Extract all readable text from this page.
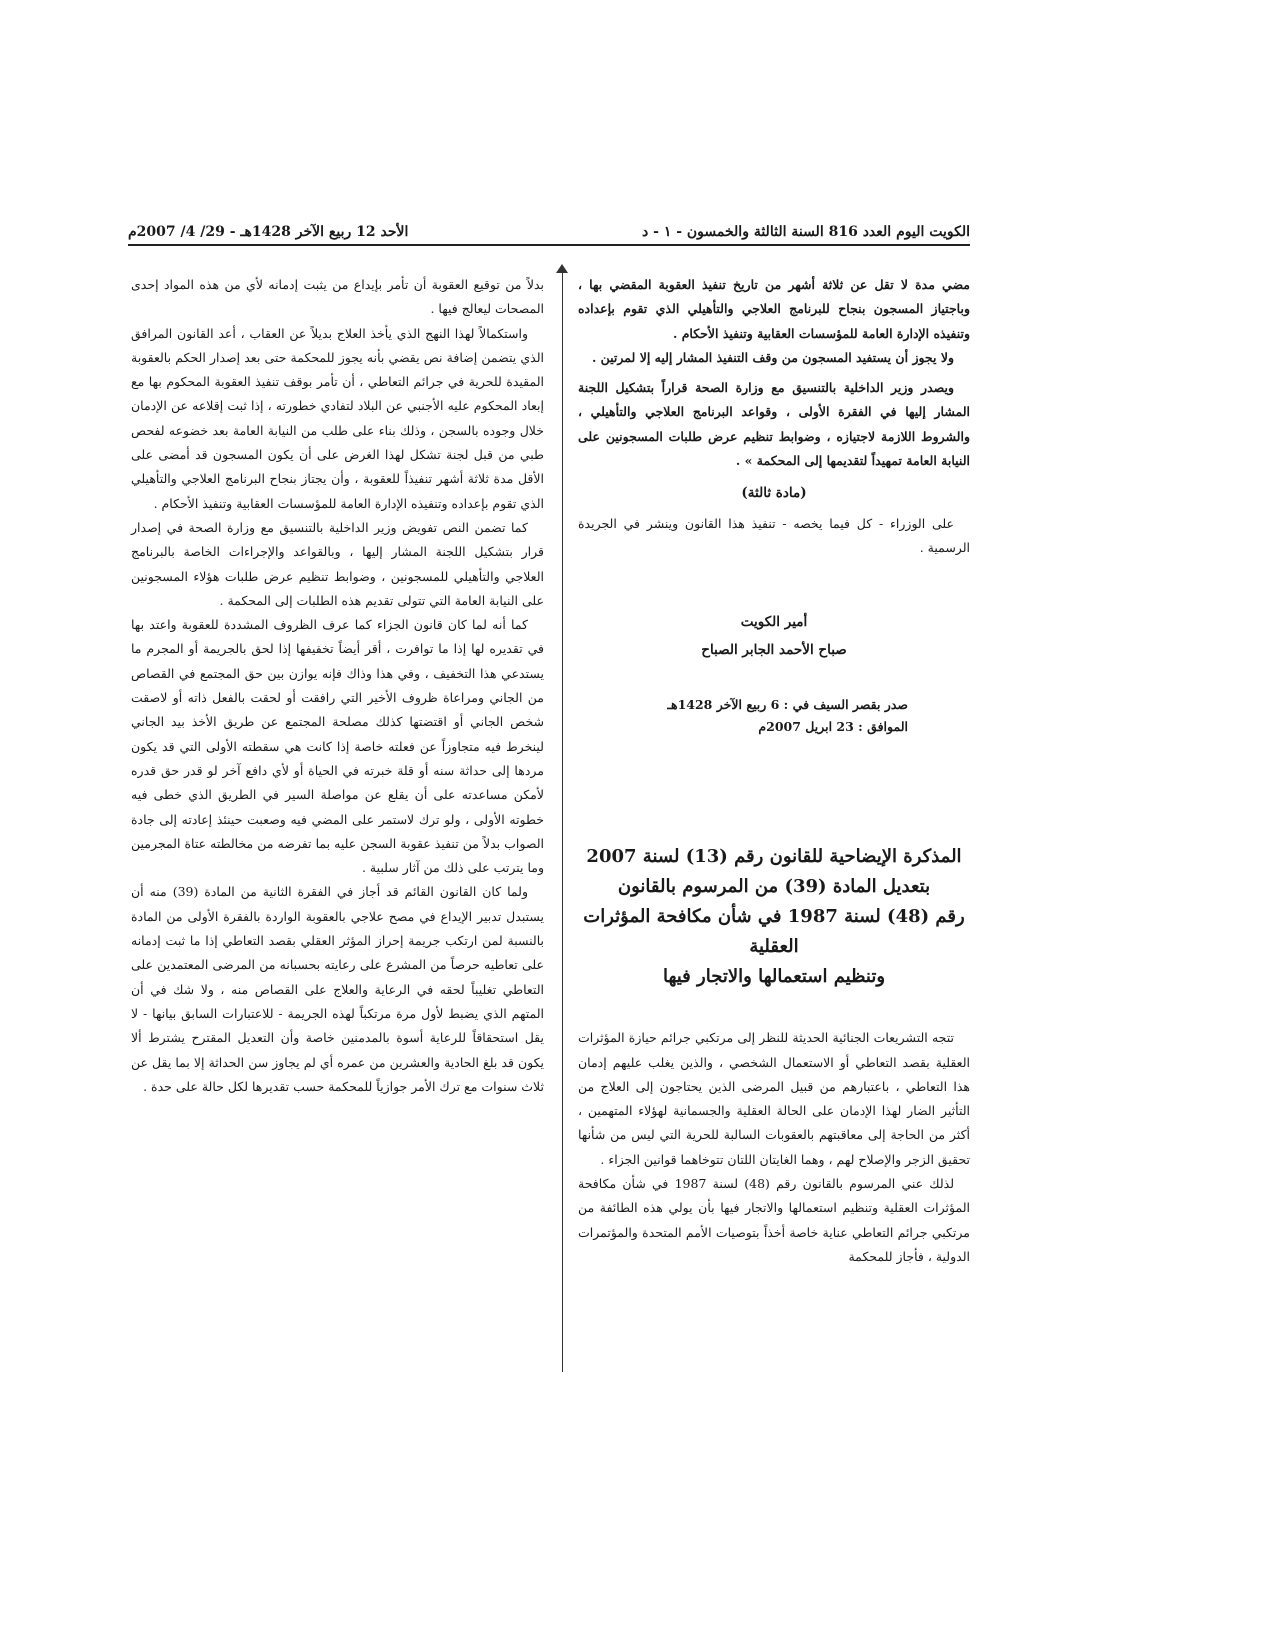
الكويت اليوم العدد 816 السنة الثالثة والخمسون - ١ - د
الأحد 12 ربيع الآخر 1428هـ - 29/ 4/ 2007م

مضي مدة لا تقل عن ثلاثة أشهر من تاريخ تنفيذ العقوبة المقضي بها ، وباجتياز المسجون بنجاح للبرنامج العلاجي والتأهيلي الذي تقوم بإعداده وتنفيذه الإدارة العامة للمؤسسات العقابية وتنفيذ الأحكام .

ولا يجوز أن يستفيد المسجون من وقف التنفيذ المشار إليه إلا لمرتين .

ويصدر وزير الداخلية بالتنسيق مع وزارة الصحة قراراً بتشكيل اللجنة المشار إليها في الفقرة الأولى ، وقواعد البرنامج العلاجي والتأهيلي ، والشروط اللازمة لاجتيازه ، وضوابط تنظيم عرض طلبات المسجونين على النيابة العامة تمهيداً لتقديمها إلى المحكمة » .

(مادة ثالثة)

على الوزراء - كل فيما يخصه - تنفيذ هذا القانون وينشر في الجريدة الرسمية .

أمير الكويت
صباح الأحمد الجابر الصباح
صدر بقصر السيف في : 6 ربيع الآخر 1428هـ
الموافق : 23 ابريل 2007م
المذكرة الإيضاحية للقانون رقم (13) لسنة 2007
بتعديل المادة (39) من المرسوم بالقانون
رقم (48) لسنة 1987 في شأن مكافحة المؤثرات العقلية
وتنظيم استعمالها والاتجار فيها

تتجه التشريعات الجنائية الحديثة للنظر إلى مرتكبي جرائم حيازة المؤثرات العقلية بقصد التعاطي أو الاستعمال الشخصي ، والذين يغلب عليهم إدمان هذا التعاطي ، باعتبارهم من قبيل المرضى الذين يحتاجون إلى العلاج من التأثير الضار لهذا الإدمان على الحالة العقلية والجسمانية لهؤلاء المتهمين ، أكثر من الحاجة إلى معاقبتهم بالعقوبات السالبة للحرية التي ليس من شأنها تحقيق الزجر والإصلاح لهم ، وهما الغايتان اللتان تتوخاهما قوانين الجزاء .

لذلك عني المرسوم بالقانون رقم (48) لسنة 1987 في شأن مكافحة المؤثرات العقلية وتنظيم استعمالها والاتجار فيها بأن يولي هذه الطائفة من مرتكبي جرائم التعاطي عناية خاصة أخذاً بتوصيات الأمم المتحدة والمؤتمرات الدولية ، فأجاز للمحكمة

بدلاً من توقيع العقوبة أن تأمر بإيداع من يثبت إدمانه لأي من هذه المواد إحدى المصحات ليعالج فيها .

واستكمالاً لهذا النهج الذي يأخذ العلاج بديلاً عن العقاب ، أعد القانون المرافق الذي يتضمن إضافة نص يقضي بأنه يجوز للمحكمة حتى بعد إصدار الحكم بالعقوبة المقيدة للحرية في جرائم التعاطي ، أن تأمر بوقف تنفيذ العقوبة المحكوم بها مع إبعاد المحكوم عليه الأجنبي عن البلاد لتفادي خطورته ، إذا ثبت إقلاعه عن الإدمان خلال وجوده بالسجن ، وذلك بناء على طلب من النيابة العامة بعد خضوعه لفحص طبي من قبل لجنة تشكل لهذا الغرض على أن يكون المسجون قد أمضى على الأقل مدة ثلاثة أشهر تنفيذاً للعقوبة ، وأن يجتاز بنجاح البرنامج العلاجي والتأهيلي الذي تقوم بإعداده وتنفيذه الإدارة العامة للمؤسسات العقابية وتنفيذ الأحكام .

كما تضمن النص تفويض وزير الداخلية بالتنسيق مع وزارة الصحة في إصدار قرار بتشكيل اللجنة المشار إليها ، وبالقواعد والإجراءات الخاصة بالبرنامج العلاجي والتأهيلي للمسجونين ، وضوابط تنظيم عرض طلبات هؤلاء المسجونين على النيابة العامة التي تتولى تقديم هذه الطلبات إلى المحكمة .

كما أنه لما كان قانون الجزاء كما عرف الظروف المشددة للعقوبة واعتد بها في تقديره لها إذا ما توافرت ، أقر أيضاً تخفيفها إذا لحق بالجريمة أو المجرم ما يستدعي هذا التخفيف ، وفي هذا وذاك فإنه يوازن بين حق المجتمع في القصاص من الجاني ومراعاة ظروف الأخير التي رافقت أو لحقت بالفعل ذاته أو لاصقت شخص الجاني أو اقتضتها كذلك مصلحة المجتمع عن طريق الأخذ بيد الجاني لينخرط فيه متجاوزاً عن فعلته خاصة إذا كانت هي سقطته الأولى التي قد يكون مردها إلى حداثة سنه أو قلة خبرته في الحياة أو لأي دافع آخر لو قدر حق قدره لأمكن مساعدته على أن يقلع عن مواصلة السير في الطريق الذي خطى فيه خطوته الأولى ، ولو ترك لاستمر على المضي فيه وصعبت حينئذ إعادته إلى جادة الصواب بدلاً من تنفيذ عقوبة السجن عليه بما تفرضه من مخالطته عتاة المجرمين وما يترتب على ذلك من آثار سلبية .

ولما كان القانون القائم قد أجاز في الفقرة الثانية من المادة (39) منه أن يستبدل تدبير الإيداع في مصح علاجي بالعقوبة الواردة بالفقرة الأولى من المادة بالنسبة لمن ارتكب جريمة إحراز المؤثر العقلي بقصد التعاطي إذا ما ثبت إدمانه على تعاطيه حرصاً من المشرع على رعايته بحسبانه من المرضى المعتمدين على التعاطي تغليباً لحقه في الرعاية والعلاج على القصاص منه ، ولا شك في أن المتهم الذي يضبط لأول مرة مرتكباً لهذه الجريمة - للاعتبارات السابق بيانها - لا يقل استحقاقاً للرعاية أسوة بالمدمنين خاصة وأن التعديل المقترح يشترط ألا يكون قد بلغ الحادية والعشرين من عمره أي لم يجاوز سن الحداثة إلا بما يقل عن ثلاث سنوات مع ترك الأمر جوازياً للمحكمة حسب تقديرها لكل حالة على حدة .
